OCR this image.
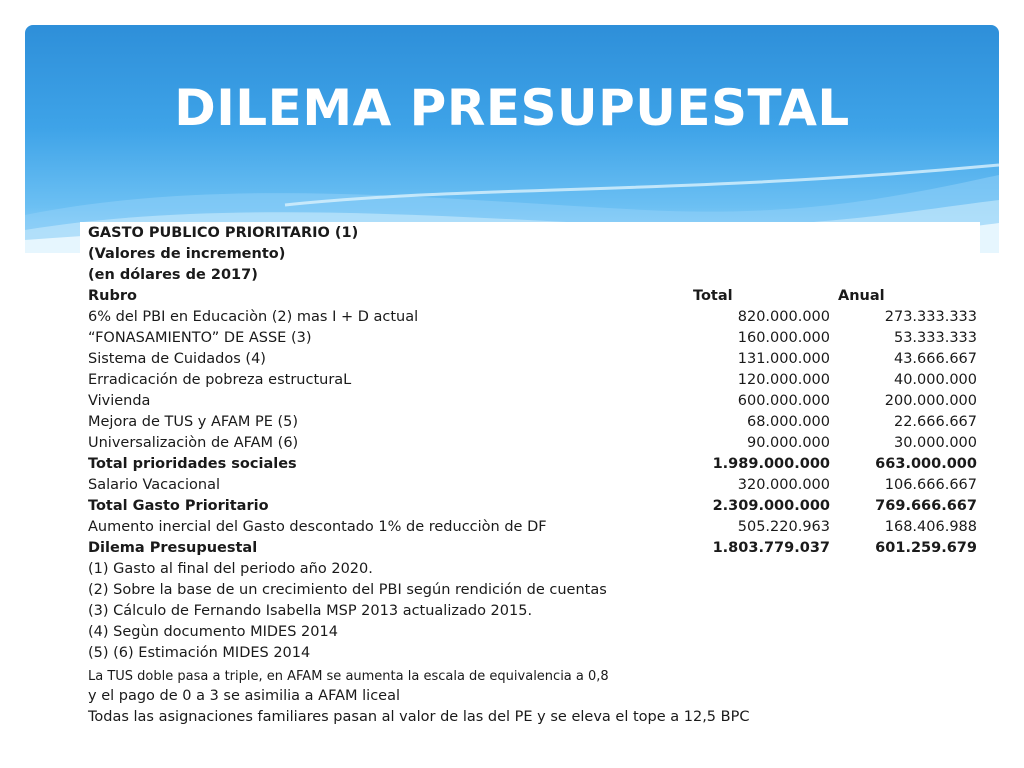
DILEMA PRESUPUESTAL
GASTO PUBLICO PRIORITARIO (1)
(Valores de incremento)
(en dólares de 2017)
Rubro	Total	Anual
6% del PBI en Educaciòn (2) mas I + D actual	820.000.000	273.333.333
“FONASAMIENTO” DE ASSE (3)	160.000.000	53.333.333
Sistema de Cuidados (4)	131.000.000	43.666.667
Erradicación de pobreza estructuraL	120.000.000	40.000.000
Vivienda	600.000.000	200.000.000
Mejora de TUS y AFAM PE (5)	68.000.000	22.666.667
Universalizaciòn de AFAM (6)	90.000.000	30.000.000
Total prioridades sociales	1.989.000.000	663.000.000
Salario Vacacional	320.000.000	106.666.667
Total Gasto Prioritario	2.309.000.000	769.666.667
Aumento inercial del Gasto descontado 1% de reducciòn de DF	505.220.963	168.406.988
Dilema Presupuestal	1.803.779.037	601.259.679
(1) Gasto al final del periodo año 2020.
(2) Sobre la base de un crecimiento del PBI según rendición de cuentas
(3) Cálculo de Fernando Isabella MSP 2013 actualizado 2015.
(4) Segùn documento MIDES 2014
(5) (6) Estimación MIDES 2014
La TUS doble pasa a triple, en AFAM se aumenta la escala de equivalencia a 0,8
y el pago de 0 a 3 se asimilia a AFAM liceal
Todas las asignaciones familiares pasan al valor de las del PE y se eleva el tope a 12,5 BPC
